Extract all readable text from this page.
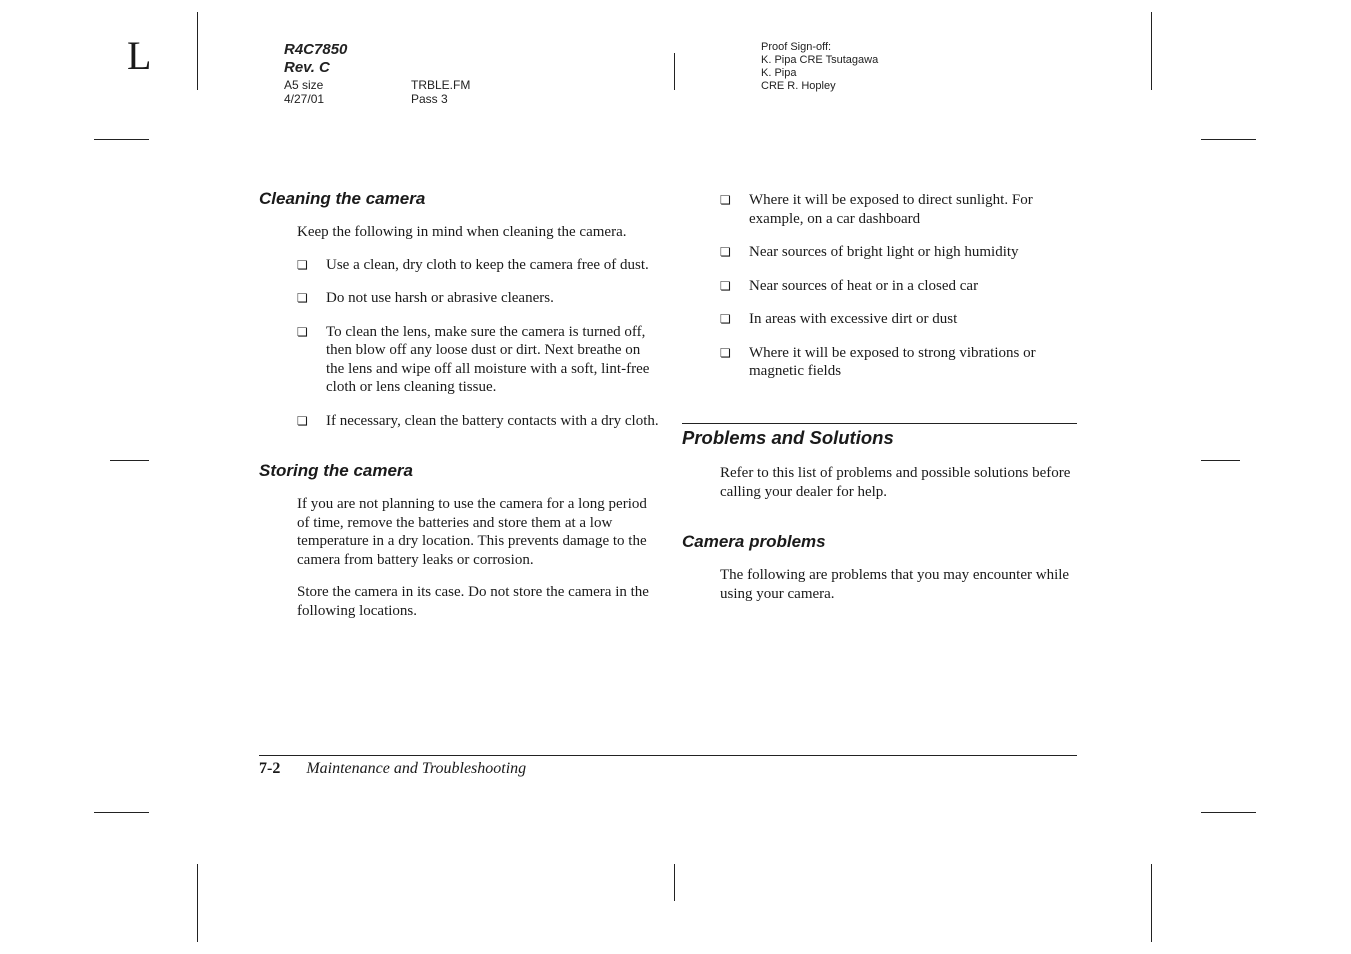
L	R4C7850
Rev. C
A5 size
4/27/01
TRBLE.FM
Pass 3
Proof Sign-off:
K. Pipa CRE Tsutagawa
K. Pipa
CRE R. Hopley
Cleaning the camera

Keep the following in mind when cleaning the camera.

❏ Use a clean, dry cloth to keep the camera free of dust.
❏ Do not use harsh or abrasive cleaners.
❏ To clean the lens, make sure the camera is turned off, then blow off any loose dust or dirt. Next breathe on the lens and wipe off all moisture with a soft, lint-free cloth or lens cleaning tissue.
❏ If necessary, clean the battery contacts with a dry cloth.
Storing the camera

If you are not planning to use the camera for a long period of time, remove the batteries and store them at a low temperature in a dry location. This prevents damage to the camera from battery leaks or corrosion.

Store the camera in its case. Do not store the camera in the following locations.

❏ Where it will be exposed to direct sunlight. For example, on a car dashboard
❏ Near sources of bright light or high humidity
❏ Near sources of heat or in a closed car
❏ In areas with excessive dirt or dust
❏ Where it will be exposed to strong vibrations or magnetic fields
Problems and Solutions

Refer to this list of problems and possible solutions before calling your dealer for help.

Camera problems

The following are problems that you may encounter while using your camera.

7-2 Maintenance and Troubleshooting
